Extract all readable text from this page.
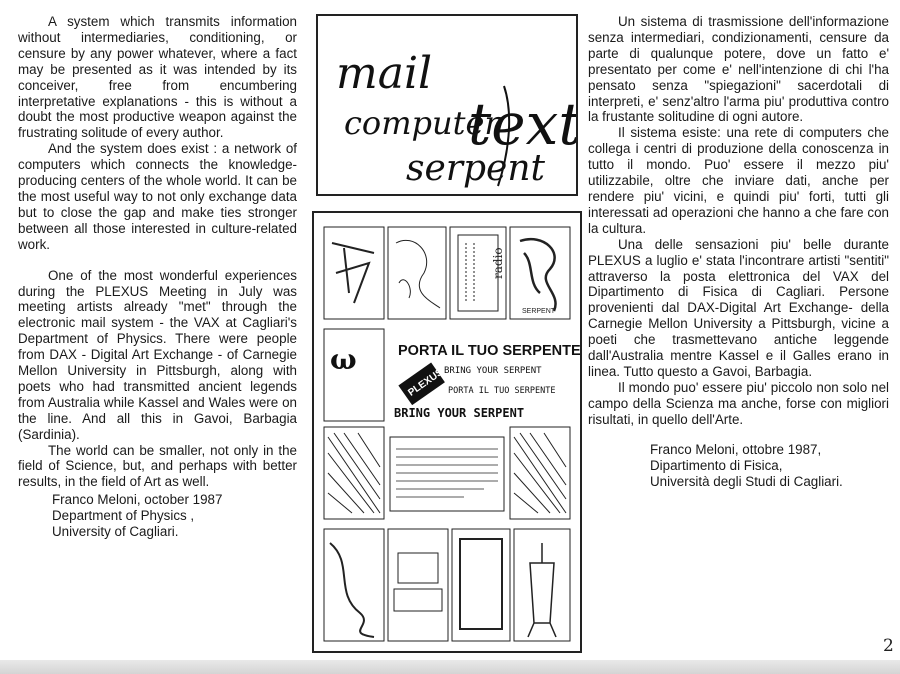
A system which transmits information without intermediaries, conditioning, or censure by any power whatever, where a fact may be presented as it was intended by its conceiver, free from encumbering interpretative explanations - this is without a doubt the most productive weapon against the frustrating solitude of every author.

And the system does exist : a network of computers which connects the knowledge-producing centers of the whole world. It can be the most useful way to not only exchange data but to close the gap and make ties stronger between all those interested in culture-related work.

One of the most wonderful experiences during the PLEXUS Meeting in July was meeting artists already "met" through the electronic mail system - the VAX at Cagliari's Department of Physics. There were people from DAX - Digital Art Exchange - of Carnegie Mellon University in Pittsburgh, along with poets who had transmitted ancient legends from Australia while Kassel and Wales were on the line. And all this in Gavoi, Barbagia (Sardinia).

The world can be smaller, not only in the field of Science, but, and perhaps with better results, in the field of Art as well.

Franco Meloni, october 1987
Department of Physics ,
University of Cagliari.
mail
computer
text
serpent
radio
SERPENT
ω	PORTA IL TUO SERPENTE
BRING YOUR SERPENT
PLEXUS PORTA IL TUO SERPENTE
BRING YOUR SERPENT

Un sistema di trasmissione dell'informazione senza intermediari, condizionamenti, censure da parte di qualunque potere, dove un fatto e' presentato per come e' nell'intenzione di chi l'ha pensato senza "spiegazioni" sacerdotali di interpreti, e' senz'altro l'arma piu' produttiva contro la frustante solitudine di ogni autore.

Il sistema esiste: una rete di computers che collega i centri di produzione della conoscenza in tutto il mondo. Puo' essere il mezzo piu' utilizzabile, oltre che inviare dati, anche per rendere piu' vicini, e quindi piu' forti, tutti gli interessati ad operazioni che hanno a che fare con la cultura.

Una delle sensazioni piu' belle durante PLEXUS a luglio e' stata l'incontrare artisti "sentiti" attraverso la posta elettronica del VAX del Dipartimento di Fisica di Cagliari. Persone provenienti dal DAX-Digital Art Exchange- della Carnegie Mellon University a Pittsburgh, vicine a poeti che trasmettevano antiche leggende dall'Australia mentre Kassel e il Galles erano in linea. Tutto questo a Gavoi, Barbagia.

Il mondo puo' essere piu' piccolo non solo nel campo della Scienza ma anche, forse con migliori risultati, in quello dell'Arte.

Franco Meloni, ottobre 1987,
Dipartimento di Fisica,
Università degli Studi di Cagliari.
2
